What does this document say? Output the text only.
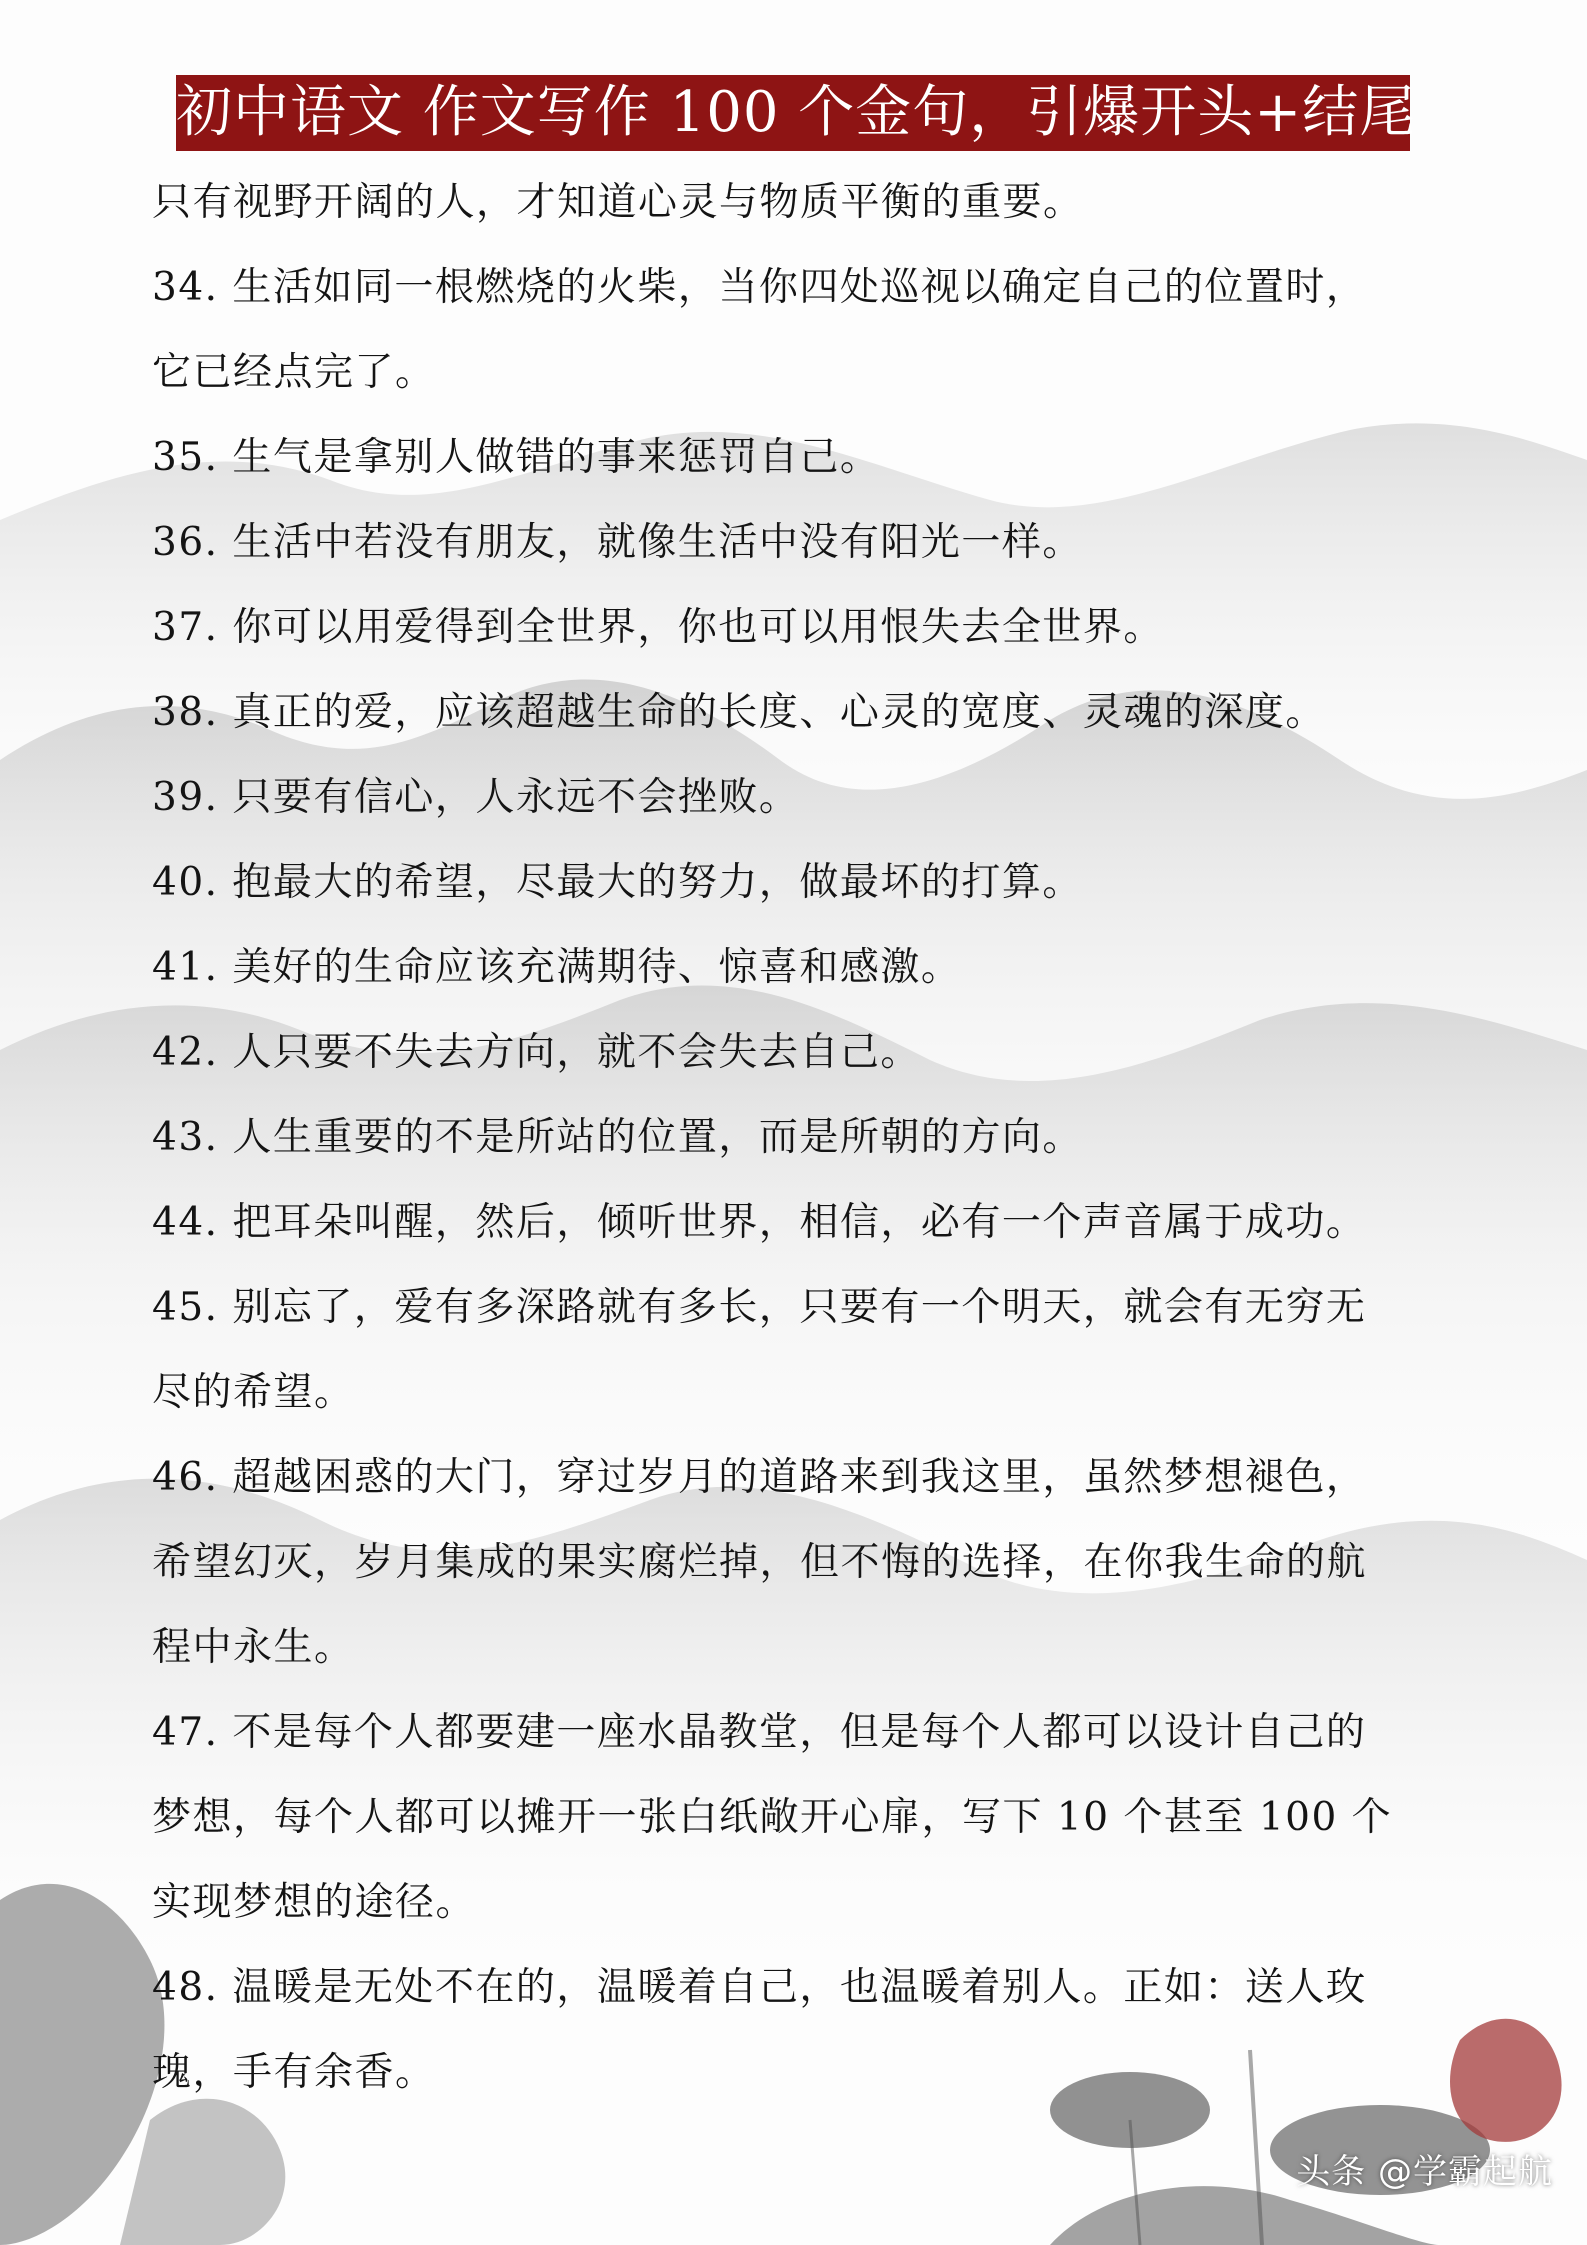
初中语文 作文写作 100 个金句，引爆开头+结尾
只有视野开阔的人，才知道心灵与物质平衡的重要。
34. 生活如同一根燃烧的火柴，当你四处巡视以确定自己的位置时，
它已经点完了。
35. 生气是拿别人做错的事来惩罚自己。
36. 生活中若没有朋友，就像生活中没有阳光一样。
37. 你可以用爱得到全世界，你也可以用恨失去全世界。
38. 真正的爱，应该超越生命的长度、心灵的宽度、灵魂的深度。
39. 只要有信心，人永远不会挫败。
40. 抱最大的希望，尽最大的努力，做最坏的打算。
41. 美好的生命应该充满期待、惊喜和感激。
42. 人只要不失去方向，就不会失去自己。
43. 人生重要的不是所站的位置，而是所朝的方向。
44. 把耳朵叫醒，然后，倾听世界，相信，必有一个声音属于成功。
45. 别忘了，爱有多深路就有多长，只要有一个明天，就会有无穷无
尽的希望。
46. 超越困惑的大门，穿过岁月的道路来到我这里，虽然梦想褪色，
希望幻灭，岁月集成的果实腐烂掉，但不悔的选择，在你我生命的航
程中永生。
47. 不是每个人都要建一座水晶教堂，但是每个人都可以设计自己的
梦想，每个人都可以摊开一张白纸敞开心扉，写下 10 个甚至 100 个
实现梦想的途径。
48. 温暖是无处不在的，温暖着自己，也温暖着别人。正如：送人玫
瑰，手有余香。
头条 @学霸起航
